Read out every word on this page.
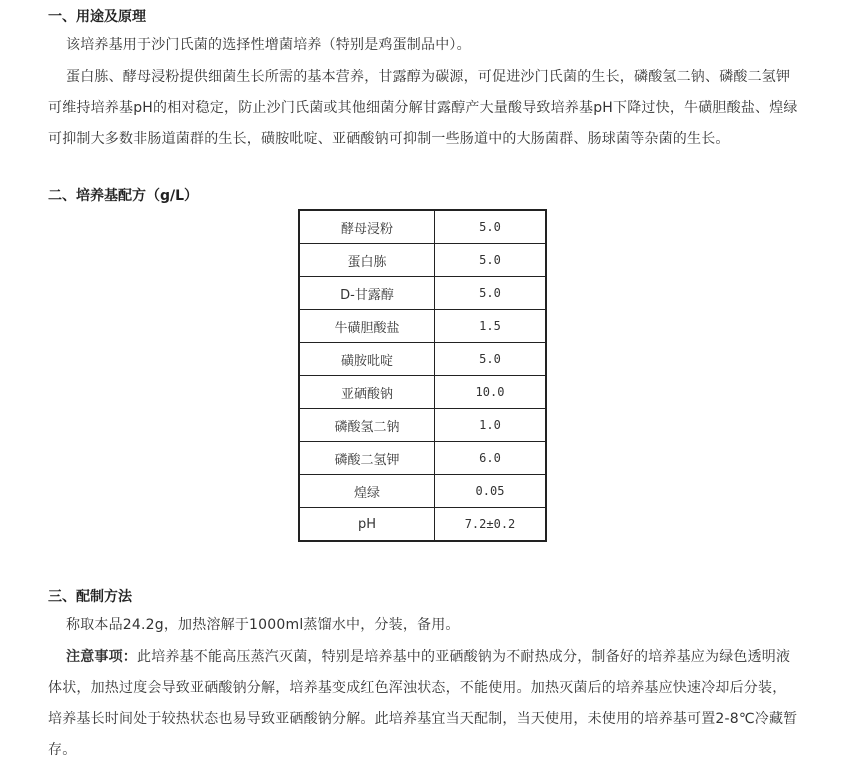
一、用途及原理
该培养基用于沙门氏菌的选择性增菌培养（特别是鸡蛋制品中）。
蛋白胨、酵母浸粉提供细菌生长所需的基本营养，甘露醇为碳源，可促进沙门氏菌的生长，磷酸氢二钠、磷酸二氢钾可维持培养基pH的相对稳定，防止沙门氏菌或其他细菌分解甘露醇产大量酸导致培养基pH下降过快，牛磺胆酸盐、煌绿可抑制大多数非肠道菌群的生长，磺胺吡啶、亚硒酸钠可抑制一些肠道中的大肠菌群、肠球菌等杂菌的生长。
二、培养基配方（g/L）
酵母浸粉	5.0
蛋白胨	5.0
D-甘露醇	5.0
牛磺胆酸盐	1.5
磺胺吡啶	5.0
亚硒酸钠	10.0
磷酸氢二钠	1.0
磷酸二氢钾	6.0
煌绿	0.05
pH	7.2±0.2
三、配制方法
称取本品24.2g，加热溶解于1000ml蒸馏水中，分装，备用。
注意事项：此培养基不能高压蒸汽灭菌，特别是培养基中的亚硒酸钠为不耐热成分，制备好的培养基应为绿色透明液体状，加热过度会导致亚硒酸钠分解，培养基变成红色浑浊状态，不能使用。加热灭菌后的培养基应快速冷却后分装，培养基长时间处于较热状态也易导致亚硒酸钠分解。此培养基宜当天配制，当天使用，未使用的培养基可置2-8℃冷藏暂存。
